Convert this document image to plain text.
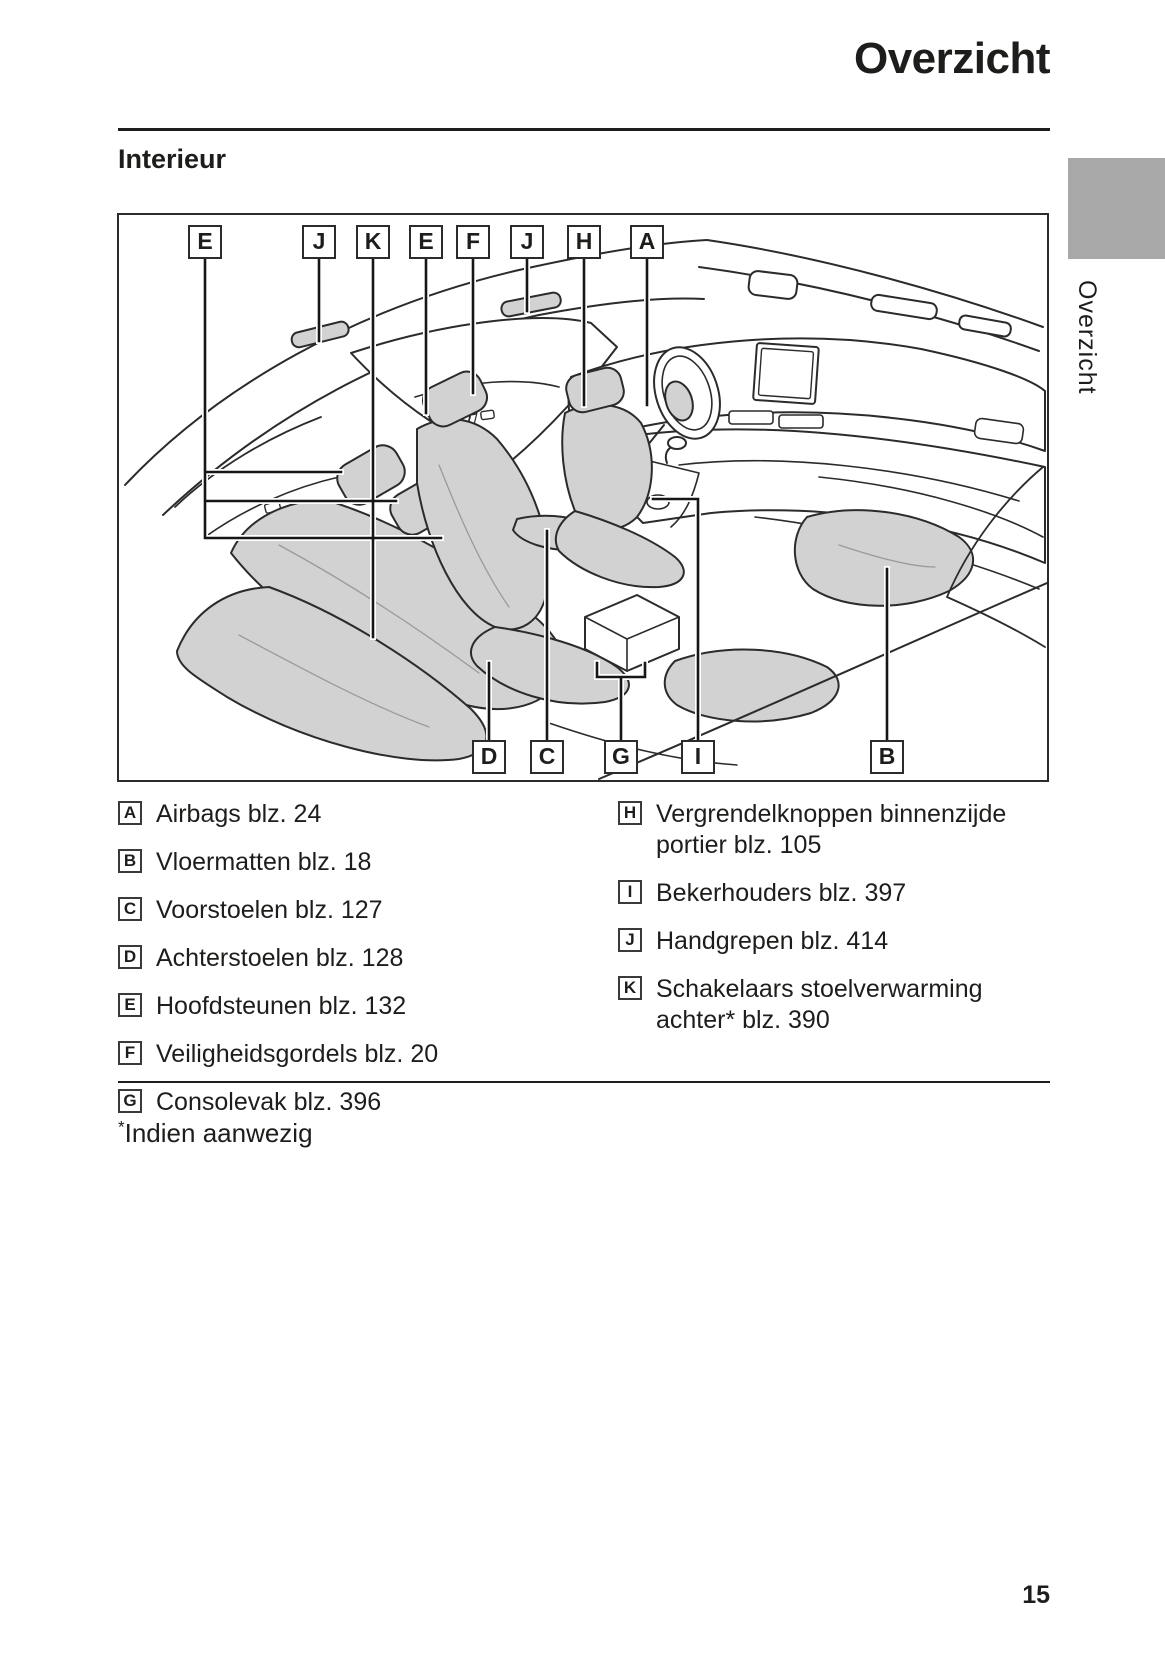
Overzicht
Interieur
E	J	K	E	F	J	H	A
D	C	G	I	B
A Airbags blz. 24
B Vloermatten blz. 18
C Voorstoelen blz. 127
D Achterstoelen blz. 128
E Hoofdsteunen blz. 132
F Veiligheidsgordels blz. 20
G Consolevak blz. 396
H Vergrendelknoppen binnenzijde portier blz. 105
I Bekerhouders blz. 397
J Handgrepen blz. 414
K Schakelaars stoelverwarming achter* blz. 390
*Indien aanwezig
15
Overzicht
